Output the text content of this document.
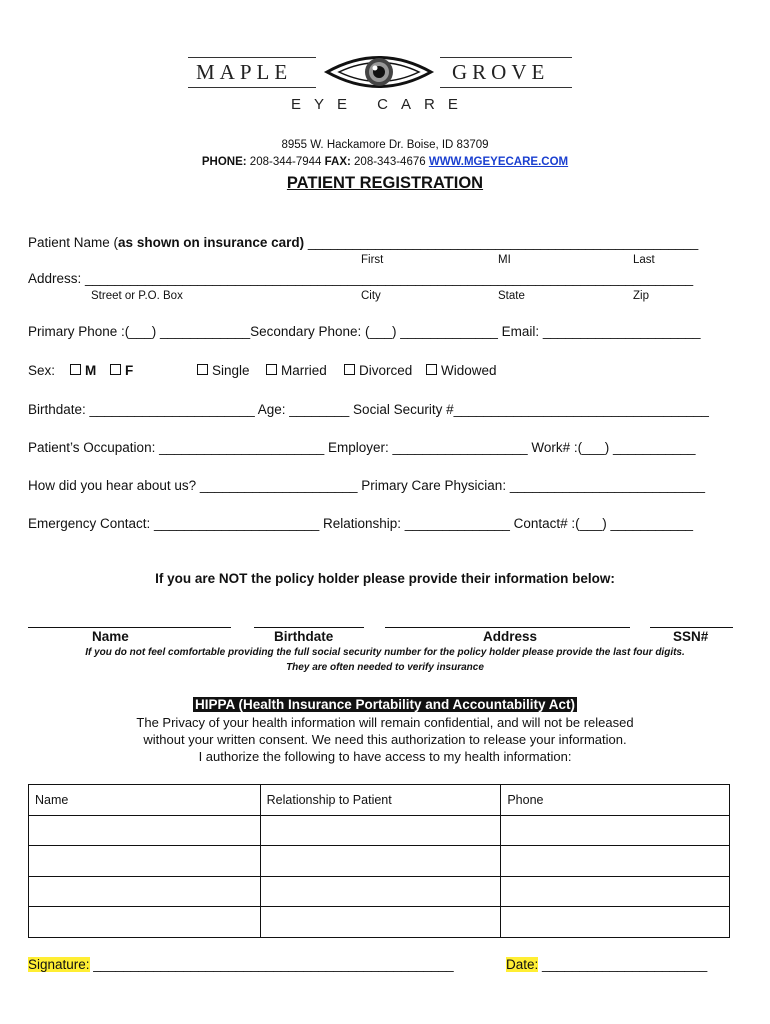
MAPLE	GROVE
EYE CARE
8955 W. Hackamore Dr. Boise, ID 83709
PHONE: 208-344-7944 FAX: 208-343-4676 WWW.MGEYECARE.COM
PATIENT REGISTRATION
Patient Name (as shown on insurance card) ____________________________________________________
First	MI	Last
Address: _________________________________________________________________________________
Street or P.O. Box	City	State	Zip
Primary Phone :(___) ____________Secondary Phone: (___) _____________ Email: _____________________
Sex:	M	F	Single	Married	Divorced	Widowed
Birthdate: ______________________ Age: ________ Social Security #__________________________________
Patient’s Occupation: ______________________ Employer: __________________ Work# :(___) ___________
How did you hear about us? _____________________ Primary Care Physician: __________________________
Emergency Contact: ______________________ Relationship: ______________ Contact# :(___) ___________
If you are NOT the policy holder please provide their information below:
Name	Birthdate	Address	SSN#
If you do not feel comfortable providing the full social security number for the policy holder please provide the last four digits.
They are often needed to verify insurance
HIPPA (Health Insurance Portability and Accountability Act)
The Privacy of your health information will remain confidential, and will not be released
without your written consent. We need this authorization to release your information.
I authorize the following to have access to my health information:
Name	Relationship to Patient	Phone

Signature: ________________________________________________	Date: ______________________
